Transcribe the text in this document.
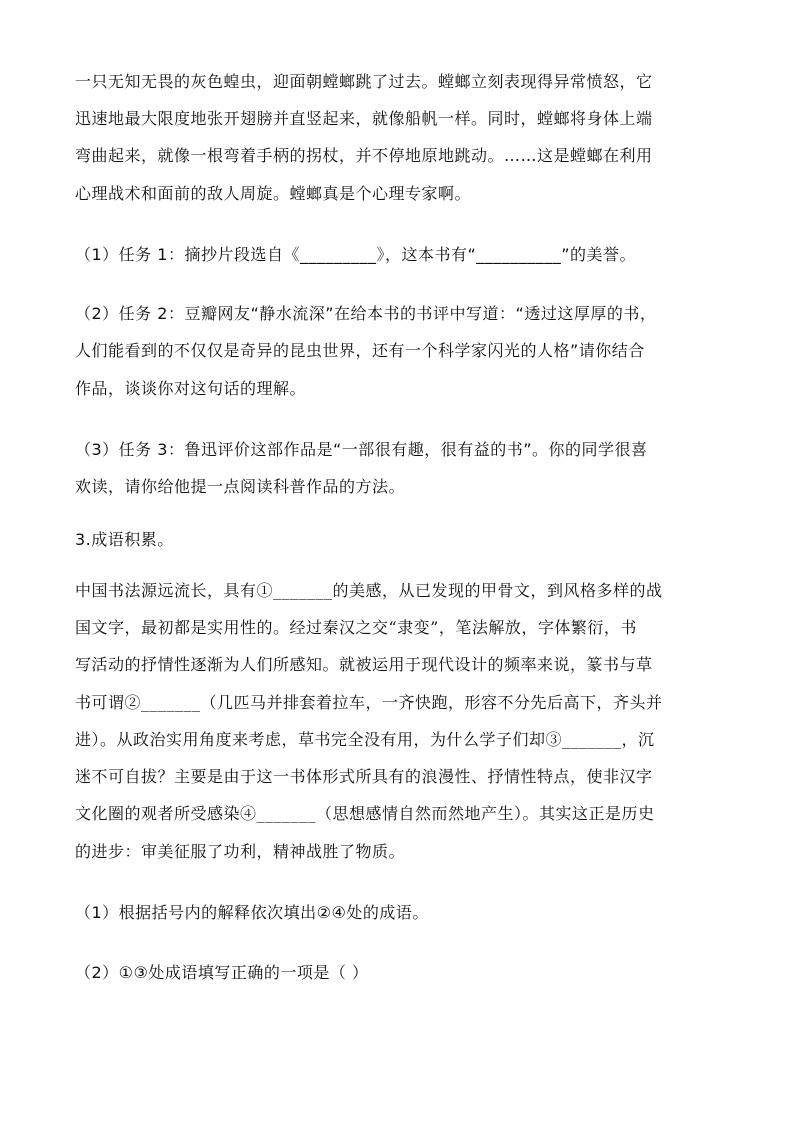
一只无知无畏的灰色蝗虫，迎面朝螳螂跳了过去。螳螂立刻表现得异常愤怒，它
迅速地最大限度地张开翅膀并直竖起来，就像船帆一样。同时，螳螂将身体上端
弯曲起来，就像一根弯着手柄的拐杖，并不停地原地跳动。……这是螳螂在利用
心理战术和面前的敌人周旋。螳螂真是个心理专家啊。
（1）任务 1：摘抄片段选自《_________》，这本书有“__________”的美誉。
（2）任务 2：豆瓣网友“静水流深”在给本书的书评中写道：“透过这厚厚的书，
人们能看到的不仅仅是奇异的昆虫世界，还有一个科学家闪光的人格”请你结合
作品，谈谈你对这句话的理解。
（3）任务 3：鲁迅评价这部作品是“一部很有趣，很有益的书”。你的同学很喜
欢读，请你给他提一点阅读科普作品的方法。
3.成语积累。
中国书法源远流长，具有①_______的美感，从已发现的甲骨文，到风格多样的战
国文字，最初都是实用性的。经过秦汉之交“隶变”，笔法解放，字体繁衍，书
写活动的抒情性逐渐为人们所感知。就被运用于现代设计的频率来说，篆书与草
书可谓②_______（几匹马并排套着拉车，一齐快跑，形容不分先后高下，齐头并
进）。从政治实用角度来考虑，草书完全没有用，为什么学子们却③_______，沉
迷不可自拔？主要是由于这一书体形式所具有的浪漫性、抒情性特点，使非汉字
文化圈的观者所受感染④_______（思想感情自然而然地产生）。其实这正是历史
的进步：审美征服了功利，精神战胜了物质。
（1）根据括号内的解释依次填出②④处的成语。
（2）①③处成语填写正确的一项是（ ）
